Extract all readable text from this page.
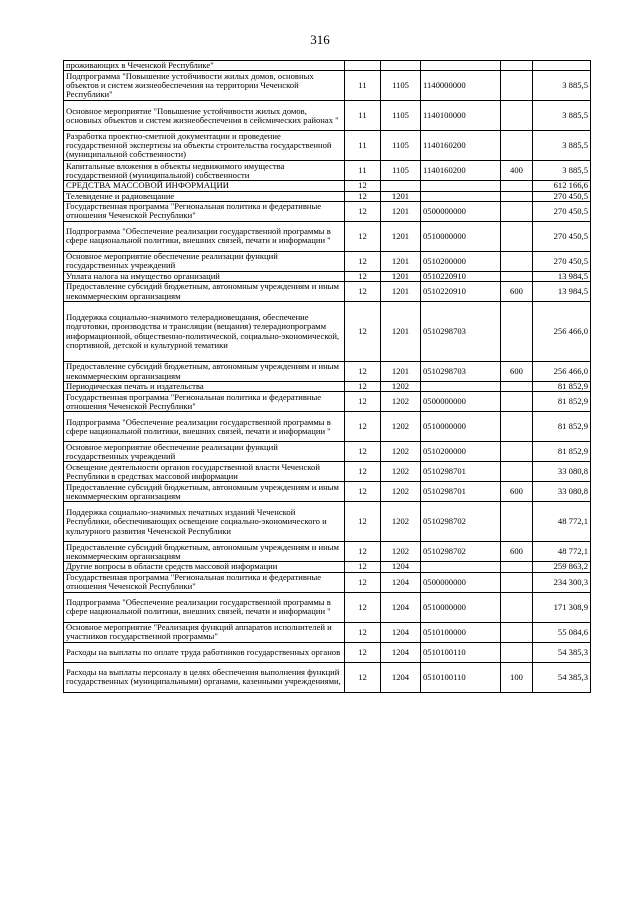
316
проживающих в Чеченской Республике"					
Подпрограмма "Повышение устойчивости жилых домов, основных объектов и систем жизнеобеспечения на территории Чеченской Республики"	11	1105	1140000000		3 885,5
Основное мероприятие "Повышение устойчивости жилых домов, основных объектов и систем жизнеобеспечения в сейсмических районах "	11	1105	1140100000		3 885,5
Разработка проектно-сметной документации и проведение государственной экспертизы на объекты строительства государственной (муниципальной собственности)	11	1105	1140160200		3 885,5
Капитальные вложения в объекты недвижимого имущества государственной (муниципальной) собственности	11	1105	1140160200	400	3 885,5
СРЕДСТВА МАССОВОЙ ИНФОРМАЦИИ	12				612 166,6
Телевидение и радиовещание	12	1201			270 450,5
Государственная программа "Региональная политика и федеративные отношения Чеченской Республики"	12	1201	0500000000		270 450,5
Подпрограмма "Обеспечение реализации государственной программы в сфере национальной политики, внешних связей, печати и информации "	12	1201	0510000000		270 450,5
Основное мероприятие обеспечение реализации функций государственных учреждений	12	1201	0510200000		270 450,5
Уплата налога на имущество организаций	12	1201	0510220910		13 984,5
Предоставление субсидий бюджетным, автономным учреждениям и иным некоммерческим организациям	12	1201	0510220910	600	13 984,5
Поддержка социально-значимого телерадиовещания, обеспечение подготовки, производства и трансляции (вещания) телерадиопрограмм информационной, общественно-политической, социально-экономической, спортивной, детской и культурной тематики	12	1201	0510298703		256 466,0
Предоставление субсидий бюджетным, автономным учреждениям и иным некоммерческим организациям	12	1201	0510298703	600	256 466,0
Периодическая печать и издательства	12	1202			81 852,9
Государственная программа "Региональная политика и федеративные отношения Чеченской Республики"	12	1202	0500000000		81 852,9
Подпрограмма "Обеспечение реализации государственной программы в сфере национальной политики, внешних связей, печати и информации "	12	1202	0510000000		81 852,9
Основное мероприятие обеспечение реализации функций государственных учреждений	12	1202	0510200000		81 852,9
Освещение деятельности органов государственной власти Чеченской Республики в средствах массовой информации	12	1202	0510298701		33 080,8
Предоставление субсидий бюджетным, автономным учреждениям и иным некоммерческим организациям	12	1202	0510298701	600	33 080,8
Поддержка социально-значимых печатных изданий Чеченской Республики, обеспечивающих освещение социально-экономического и культурного развития Чеченской Республики	12	1202	0510298702		48 772,1
Предоставление субсидий бюджетным, автономным учреждениям и иным некоммерческим организациям	12	1202	0510298702	600	48 772,1
Другие вопросы в области средств массовой информации	12	1204			259 863,2
Государственная программа "Региональная политика и федеративные отношения Чеченской Республики"	12	1204	0500000000		234 300,3
Подпрограмма "Обеспечение реализации государственной программы в сфере национальной политики, внешних связей, печати и информации "	12	1204	0510000000		171 308,9
Основное мероприятие "Реализация функций аппаратов исполнителей и участников государственной программы"	12	1204	0510100000		55 084,6
Расходы на выплаты по оплате труда работников государственных органов	12	1204	0510100110		54 385,3
Расходы на выплаты персоналу в целях обеспечения выполнения функций государственных (муниципальными) органами, казенными учреждениями,	12	1204	0510100110	100	54 385,3
